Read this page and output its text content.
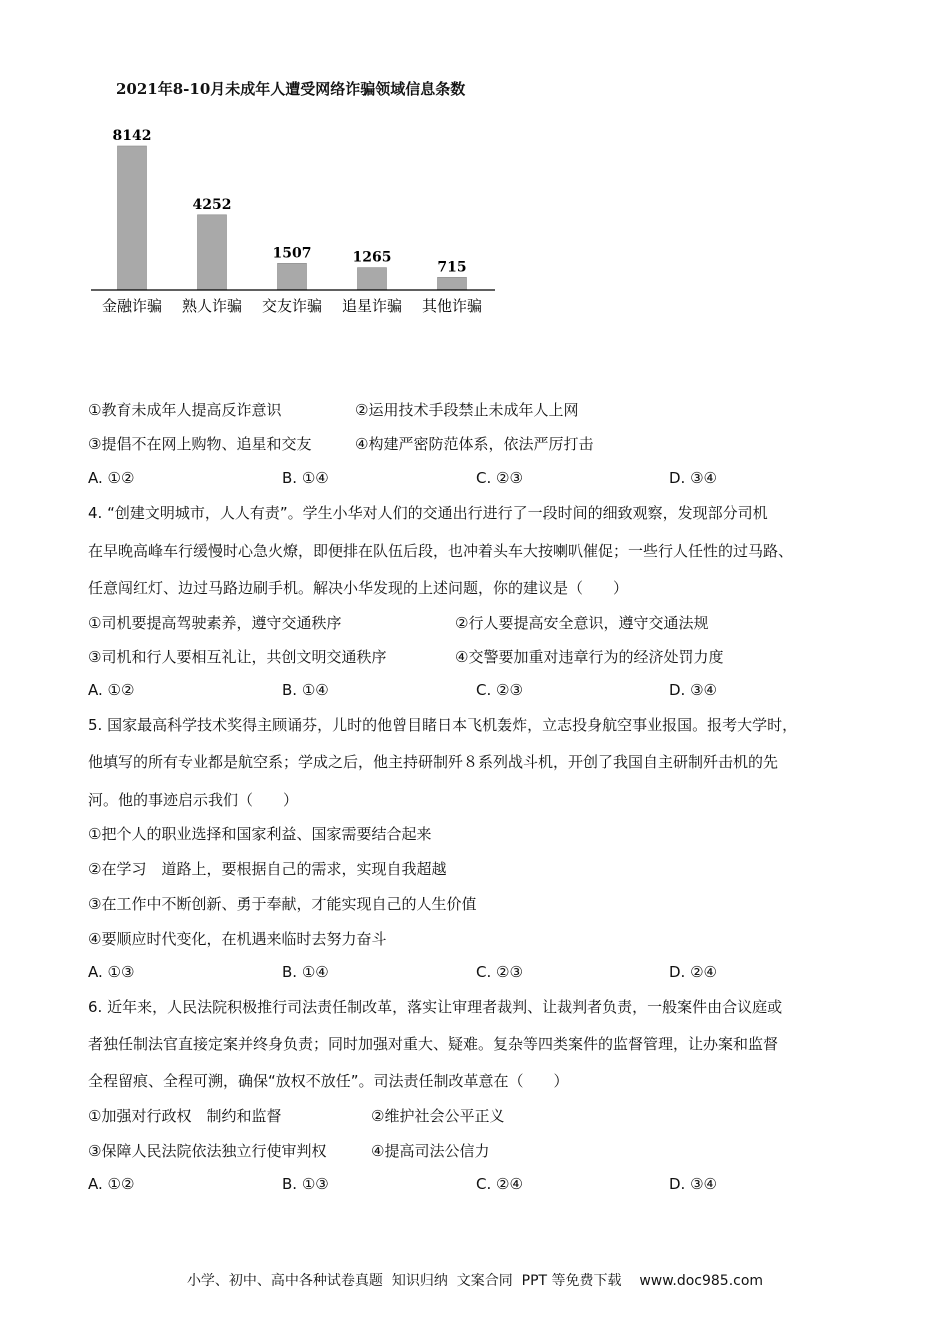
2021年8-10月未成年人遭受网络诈骗领域信息条数
8142
金融诈骗
4252
熟人诈骗
1507
交友诈骗
1265
追星诈骗
715
其他诈骗
①教育未成年人提高反诈意识	②运用技术手段禁止未成年人上网
③提倡不在网上购物、追星和交友	④构建严密防范体系，依法严厉打击
A. ①②	B. ①④	C. ②③	D. ③④
4. “创建文明城市，人人有责”。学生小华对人们的交通出行进行了一段时间的细致观察，发现部分司机
在早晚高峰车行缓慢时心急火燎，即便排在队伍后段，也冲着头车大按喇叭催促；一些行人任性的过马路、
任意闯红灯、边过马路边刷手机。解决小华发现的上述问题，你的建议是（　　）
①司机要提高驾驶素养，遵守交通秩序	②行人要提高安全意识，遵守交通法规
③司机和行人要相互礼让，共创文明交通秩序	④交警要加重对违章行为的经济处罚力度
A. ①②	B. ①④	C. ②③	D. ③④
5. 国家最高科学技术奖得主顾诵芬，儿时的他曾目睹日本飞机轰炸，立志投身航空事业报国。报考大学时，
他填写的所有专业都是航空系；学成之后，他主持研制歼８系列战斗机，开创了我国自主研制歼击机的先
河。他的事迹启示我们（　　）
①把个人的职业选择和国家利益、国家需要结合起来
②在学习　道路上，要根据自己的需求，实现自我超越
③在工作中不断创新、勇于奉献，才能实现自己的人生价值
④要顺应时代变化，在机遇来临时去努力奋斗
A. ①③	B. ①④	C. ②③	D. ②④
6. 近年来，人民法院积极推行司法责任制改革，落实让审理者裁判、让裁判者负责，一般案件由合议庭或
者独任制法官直接定案并终身负责；同时加强对重大、疑难。复杂等四类案件的监督管理，让办案和监督
全程留痕、全程可溯，确保“放权不放任”。司法责任制改革意在（　　）
①加强对行政权　制约和监督	②维护社会公平正义
③保障人民法院依法独立行使审判权	④提高司法公信力
A. ①②	B. ①③	C. ②④	D. ③④
小学、初中、高中各种试卷真题  知识归纳  文案合同  PPT 等免费下载    www.doc985.com
